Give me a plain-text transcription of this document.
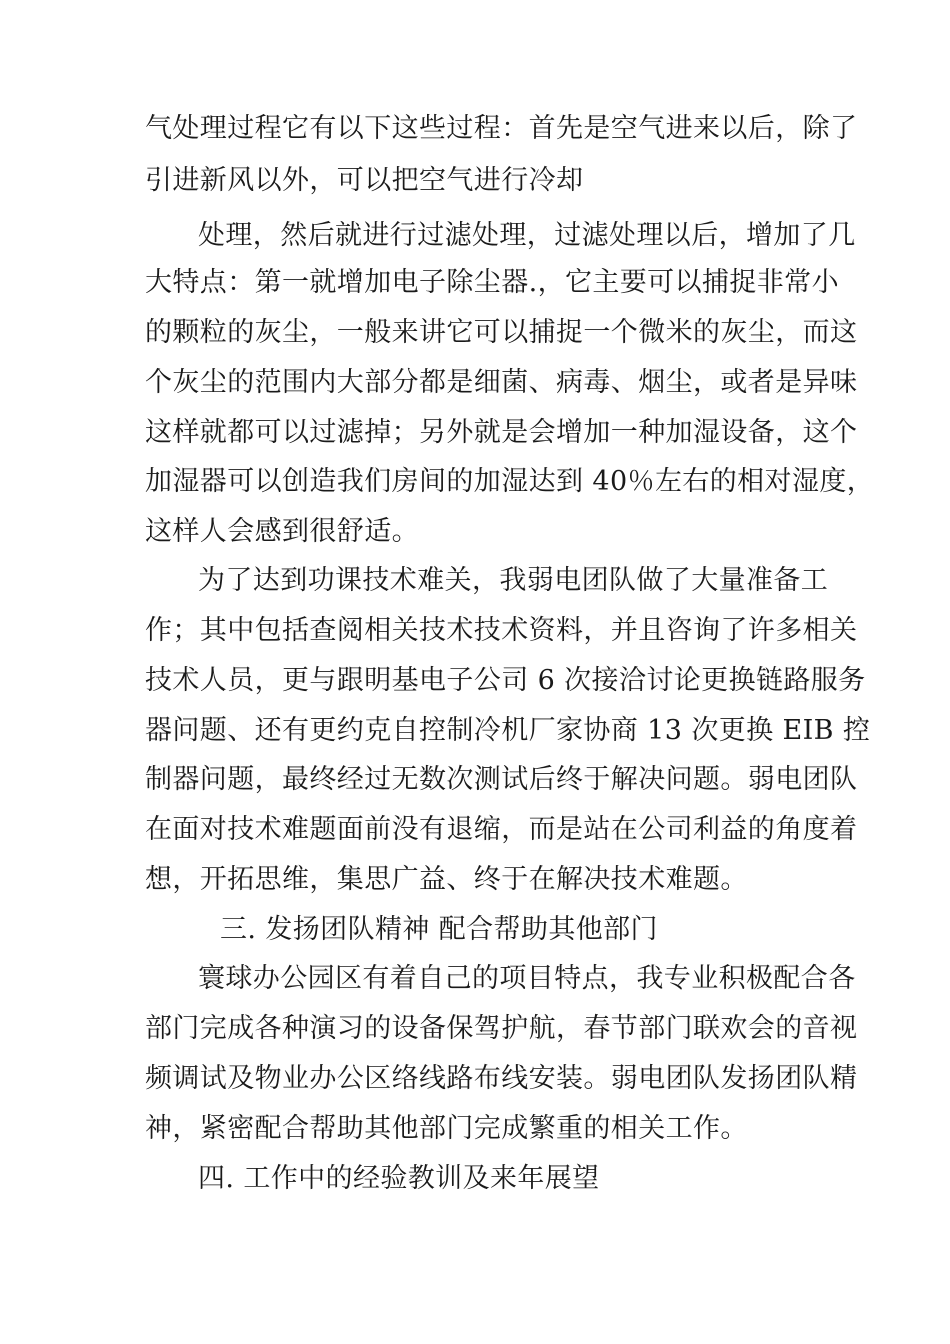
气处理过程它有以下这些过程：首先是空气进来以后，除了
引进新风以外，可以把空气进行冷却
处理，然后就进行过滤处理，过滤处理以后，增加了几
大特点：第一就增加电子除尘器.，它主要可以捕捉非常小
的颗粒的灰尘，一般来讲它可以捕捉一个微米的灰尘，而这
个灰尘的范围内大部分都是细菌、病毒、烟尘，或者是异味
这样就都可以过滤掉；另外就是会增加一种加湿设备，这个
加湿器可以创造我们房间的加湿达到 40％左右的相对湿度，
这样人会感到很舒适。
为了达到功课技术难关，我弱电团队做了大量准备工
作；其中包括查阅相关技术技术资料，并且咨询了许多相关
技术人员，更与跟明基电子公司 6 次接洽讨论更换链路服务
器问题、还有更约克自控制冷机厂家协商 13 次更换 EIB 控
制器问题，最终经过无数次测试后终于解决问题。弱电团队
在面对技术难题面前没有退缩，而是站在公司利益的角度着
想，开拓思维，集思广益、终于在解决技术难题。
三. 发扬团队精神 配合帮助其他部门
寰球办公园区有着自己的项目特点，我专业积极配合各
部门完成各种演习的设备保驾护航，春节部门联欢会的音视
频调试及物业办公区络线路布线安装。弱电团队发扬团队精
神，紧密配合帮助其他部门完成繁重的相关工作。
四. 工作中的经验教训及来年展望
